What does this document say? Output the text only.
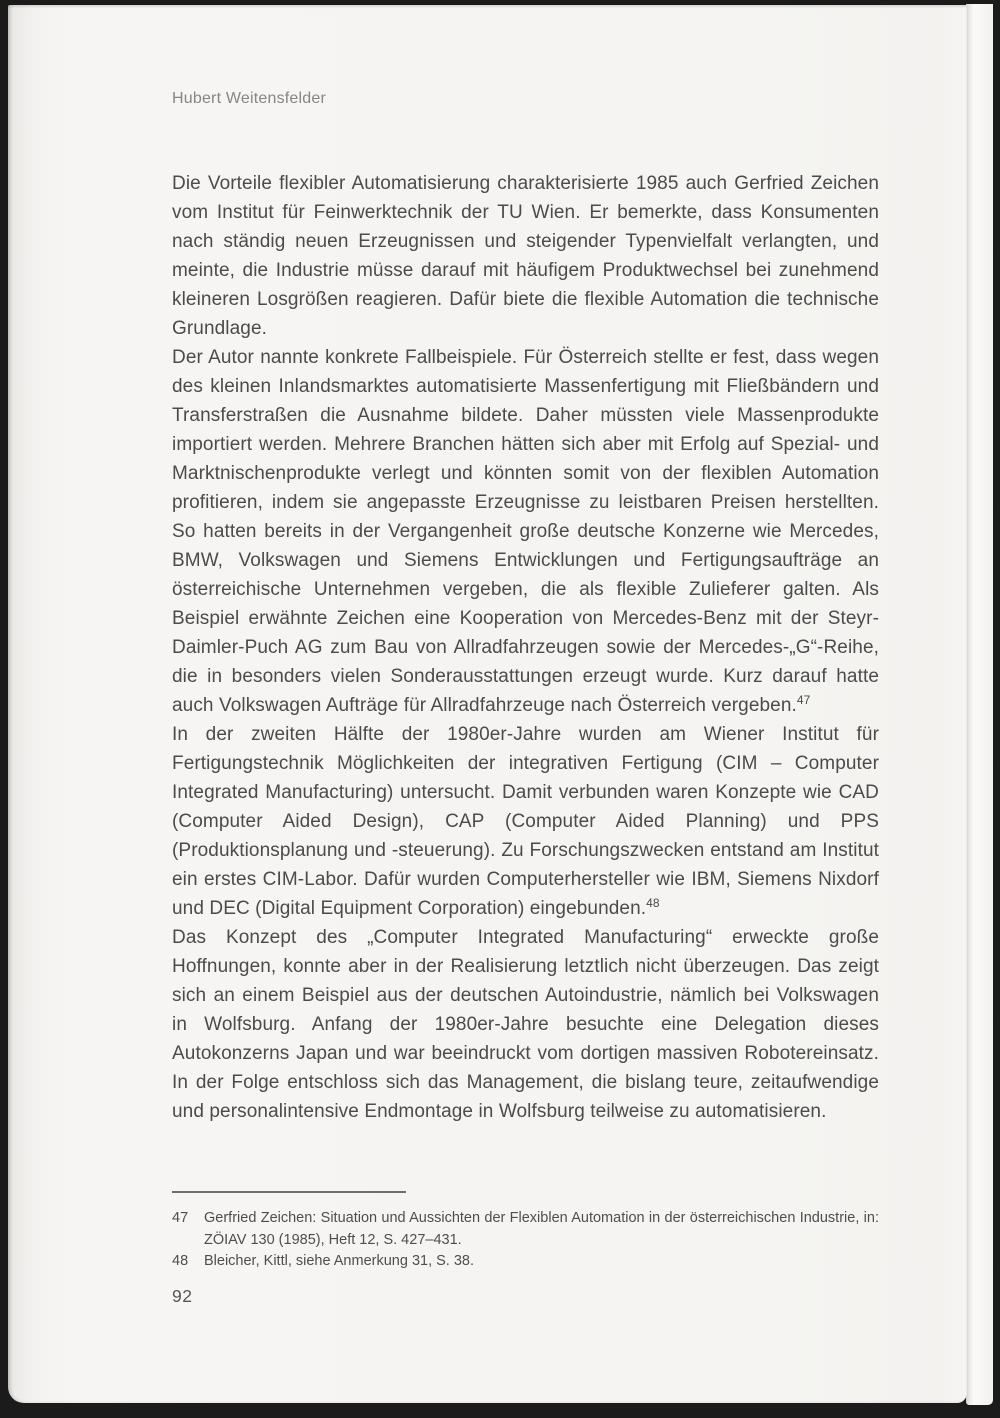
Hubert Weitensfelder

Die Vorteile flexibler Automatisierung charakterisierte 1985 auch Gerfried Zeichen vom Institut für Feinwerktechnik der TU Wien. Er bemerkte, dass Konsumenten nach ständig neuen Erzeugnissen und steigender Typenvielfalt verlangten, und meinte, die Industrie müsse darauf mit häufigem Produktwechsel bei zunehmend kleineren Losgrößen reagieren. Dafür biete die flexible Automation die technische Grundlage.

Der Autor nannte konkrete Fallbeispiele. Für Österreich stellte er fest, dass wegen des kleinen Inlandsmarktes automatisierte Massenfertigung mit Fließbändern und Transferstraßen die Ausnahme bildete. Daher müssten viele Massenprodukte importiert werden. Mehrere Branchen hätten sich aber mit Erfolg auf Spezial- und Marktnischenprodukte verlegt und könnten somit von der flexiblen Automation profitieren, indem sie angepasste Erzeugnisse zu leistbaren Preisen herstellten. So hatten bereits in der Vergangenheit große deutsche Konzerne wie Mercedes, BMW, Volkswagen und Siemens Entwicklungen und Fertigungsaufträge an österreichische Unternehmen vergeben, die als flexible Zulieferer galten. Als Beispiel erwähnte Zeichen eine Kooperation von Mercedes-Benz mit der Steyr-Daimler-Puch AG zum Bau von Allradfahrzeugen sowie der Mercedes-„G“-Reihe, die in besonders vielen Sonderausstattungen erzeugt wurde. Kurz darauf hatte auch Volkswagen Aufträge für Allradfahrzeuge nach Österreich vergeben.$^{47}$

In der zweiten Hälfte der 1980er-Jahre wurden am Wiener Institut für Fertigungstechnik Möglichkeiten der integrativen Fertigung (CIM – Computer Integrated Manufacturing) untersucht. Damit verbunden waren Konzepte wie CAD (Computer Aided Design), CAP (Computer Aided Planning) und PPS (Produktionsplanung und -steuerung). Zu Forschungszwecken entstand am Institut ein erstes CIM-Labor. Dafür wurden Computerhersteller wie IBM, Siemens Nixdorf und DEC (Digital Equipment Corporation) eingebunden.$^{48}$

Das Konzept des „Computer Integrated Manufacturing“ erweckte große Hoffnungen, konnte aber in der Realisierung letztlich nicht überzeugen. Das zeigt sich an einem Beispiel aus der deutschen Autoindustrie, nämlich bei Volkswagen in Wolfsburg. Anfang der 1980er-Jahre besuchte eine Delegation dieses Autokonzerns Japan und war beeindruckt vom dortigen massiven Robotereinsatz. In der Folge entschloss sich das Management, die bislang teure, zeitaufwendige und personalintensive Endmontage in Wolfsburg teilweise zu automatisieren.

47	Gerfried Zeichen: Situation und Aussichten der Flexiblen Automation in der österreichischen Industrie, in: ZÖIAV 130 (1985), Heft 12, S. 427–431.
48	Bleicher, Kittl, siehe Anmerkung 31, S. 38.
92
